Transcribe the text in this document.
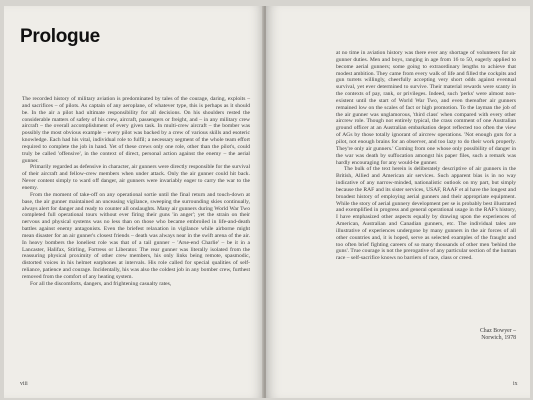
Prologue

The recorded history of military aviation is predominated by tales of the courage, daring, exploits – and sacrifices – of pilots. As captain of any aeroplane, of whatever type, this is perhaps as it should be. In the air a pilot had ultimate responsibility for all decisions. On his shoulders rested the considerable matters of safety of his crew, aircraft, passengers or freight, and – in any military crew aircraft – the overall accomplishment of every given task. In multi-crew aircraft – the bomber was possibly the most obvious example – every pilot was backed by a crew of various skills and esoteric knowledge. Each had his vital, individual role to fulfil; a necessary segment of the whole team effort required to complete the job in hand. Yet of these crews only one role, other than the pilot's, could truly be called 'offensive', in the context of direct, personal action against the enemy – the aerial gunner.

Primarily regarded as defensive in character, air gunners were directly responsible for the survival of their aircraft and fellow-crew members when under attack. Only the air gunner could hit back. Never content simply to ward off danger, air gunners were invariably eager to carry the war to the enemy.

From the moment of take-off on any operational sortie until the final return and touch-down at base, the air gunner maintained an unceasing vigilance, sweeping the surrounding skies continually, always alert for danger and ready to counter all onslaughts. Many air gunners during World War Two completed full operational tours without ever firing their guns 'in anger'; yet the strain on their nervous and physical systems was no less than on those who became embroiled in life-and-death battles against enemy antagonists. Even the briefest relaxation in vigilance while airborne might mean disaster for an air gunner's closest friends – death was always near in the swift arena of the air. In heavy bombers the loneliest role was that of a tail gunner – 'Arse-end Charlie' – be it in a Lancaster, Halifax, Stirling, Fortress or Liberator. The rear gunner was literally isolated from the reassuring physical proximity of other crew members, his only links being remote, spasmodic, distorted voices in his helmet earphones at intervals. His role called for special qualities of self-reliance, patience and courage. Incidentally, his was also the coldest job in any bomber crew, furthest removed from the comfort of any heating system.

For all the discomforts, dangers, and frightening casualty rates,

viii

at no time in aviation history was there ever any shortage of volunteers for air gunner duties. Men and boys, ranging in age from 16 to 50, eagerly applied to become aerial gunners; some going to extraordinary lengths to achieve that modest ambition. They came from every walk of life and filled the cockpits and gun turrets willingly, cheerfully accepting very short odds against eventual survival, yet ever determined to survive. Their material rewards were scanty in the contexts of pay, rank, or privileges. Indeed, such 'perks' were almost non-existent until the start of World War Two, and even thereafter air gunners remained low on the scales of fact or high promotion. To the layman the job of the air gunner was unglamorous, 'third class' when compared with every other aircrew role. Though not entirely typical, the crass comment of one Australian ground officer at an Australian embarkation depot reflected too often the view of AGs by those totally ignorant of aircrew operations. 'Not enough guts for a pilot, not enough brains for an observer, and too lazy to do their work properly. They're only air gunners.' Coming from one whose only possibility of danger in the war was death by suffocation amongst his paper files, such a remark was hardly encouraging for any would-be gunner.

The bulk of the text herein is deliberately descriptive of air gunners in the British, Allied and American air services. Such apparent bias is in no way indicative of any narrow-minded, nationalistic outlook on my part, but simply because the RAF and its sister services, USAF, RAAF et al have the longest and broadest history of employing aerial gunners and their appropriate equipment. While the story of aerial gunnery development per se is probably best illustrated and exemplified in progress and general operational usage in the RAF's history, I have emphasized other aspects equally by drawing upon the experiences of American, Australian and Canadian gunners, etc. The individual tales are illustrative of experiences undergone by many gunners in the air forces of all other countries and, it is hoped, serve as selected examples of the fraught and too often brief fighting careers of so many thousands of other men 'behind the guns'. True courage is not the prerogative of any particular section of the human race – self-sacrifice knows no barriers of race, class or creed.

Chaz Bowyer –
Norwich, 1978
ix
